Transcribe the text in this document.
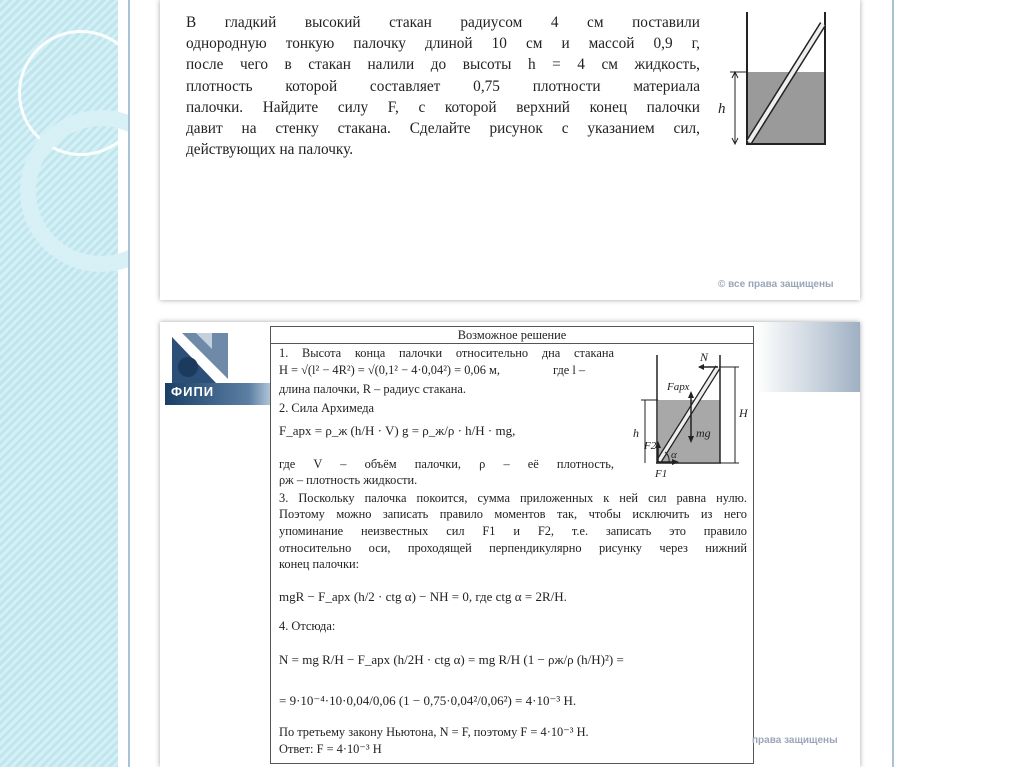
В гладкий высокий стакан радиусом 4 см поставили
однородную тонкую палочку длиной 10 см и массой 0,9 г,
после чего в стакан налили до высоты h = 4 см жидкость,
плотность которой составляет 0,75 плотности материала
палочки. Найдите силу F, с которой верхний конец палочки
давит на стенку стакана. Сделайте рисунок с указанием сил,
действующих на палочку.
h
© все права защищены
ФИПИ
Возможное решение
1. Высота конца палочки относительно дна стакана
H = √(l² − 4R²) = √(0,1² − 4·0,04²) = 0,06 м,	где l –
длина палочки, R – радиус стакана.
2. Сила Архимеда
F_арх = ρ_ж (h/H · V) g = ρ_ж/ρ · h/H · mg,
где V – объём палочки, ρ – её плотность,
ρж – плотность жидкости.
3. Поскольку палочка покоится, сумма приложенных к ней сил равна нулю.
Поэтому можно записать правило моментов так, чтобы исключить из него
упоминание неизвестных сил F1 и F2, т.е. записать это правило
относительно оси, проходящей перпендикулярно рисунку через нижний
конец палочки:
mgR − F_арх (h/2 · ctg α) − NH = 0, где ctg α = 2R/H.
4. Отсюда:
N = mg R/H − F_арх (h/2H · ctg α) = mg R/H (1 − ρж/ρ (h/H)²) =
= 9·10⁻⁴·10·0,04/0,06 (1 − 0,75·0,04²/0,06²) = 4·10⁻³ Н.
По третьему закону Ньютона, N = F, поэтому F = 4·10⁻³ Н.
Ответ: F = 4·10⁻³ Н
N
Fарх
mg
F1
F2
α
h
H
права защищены
